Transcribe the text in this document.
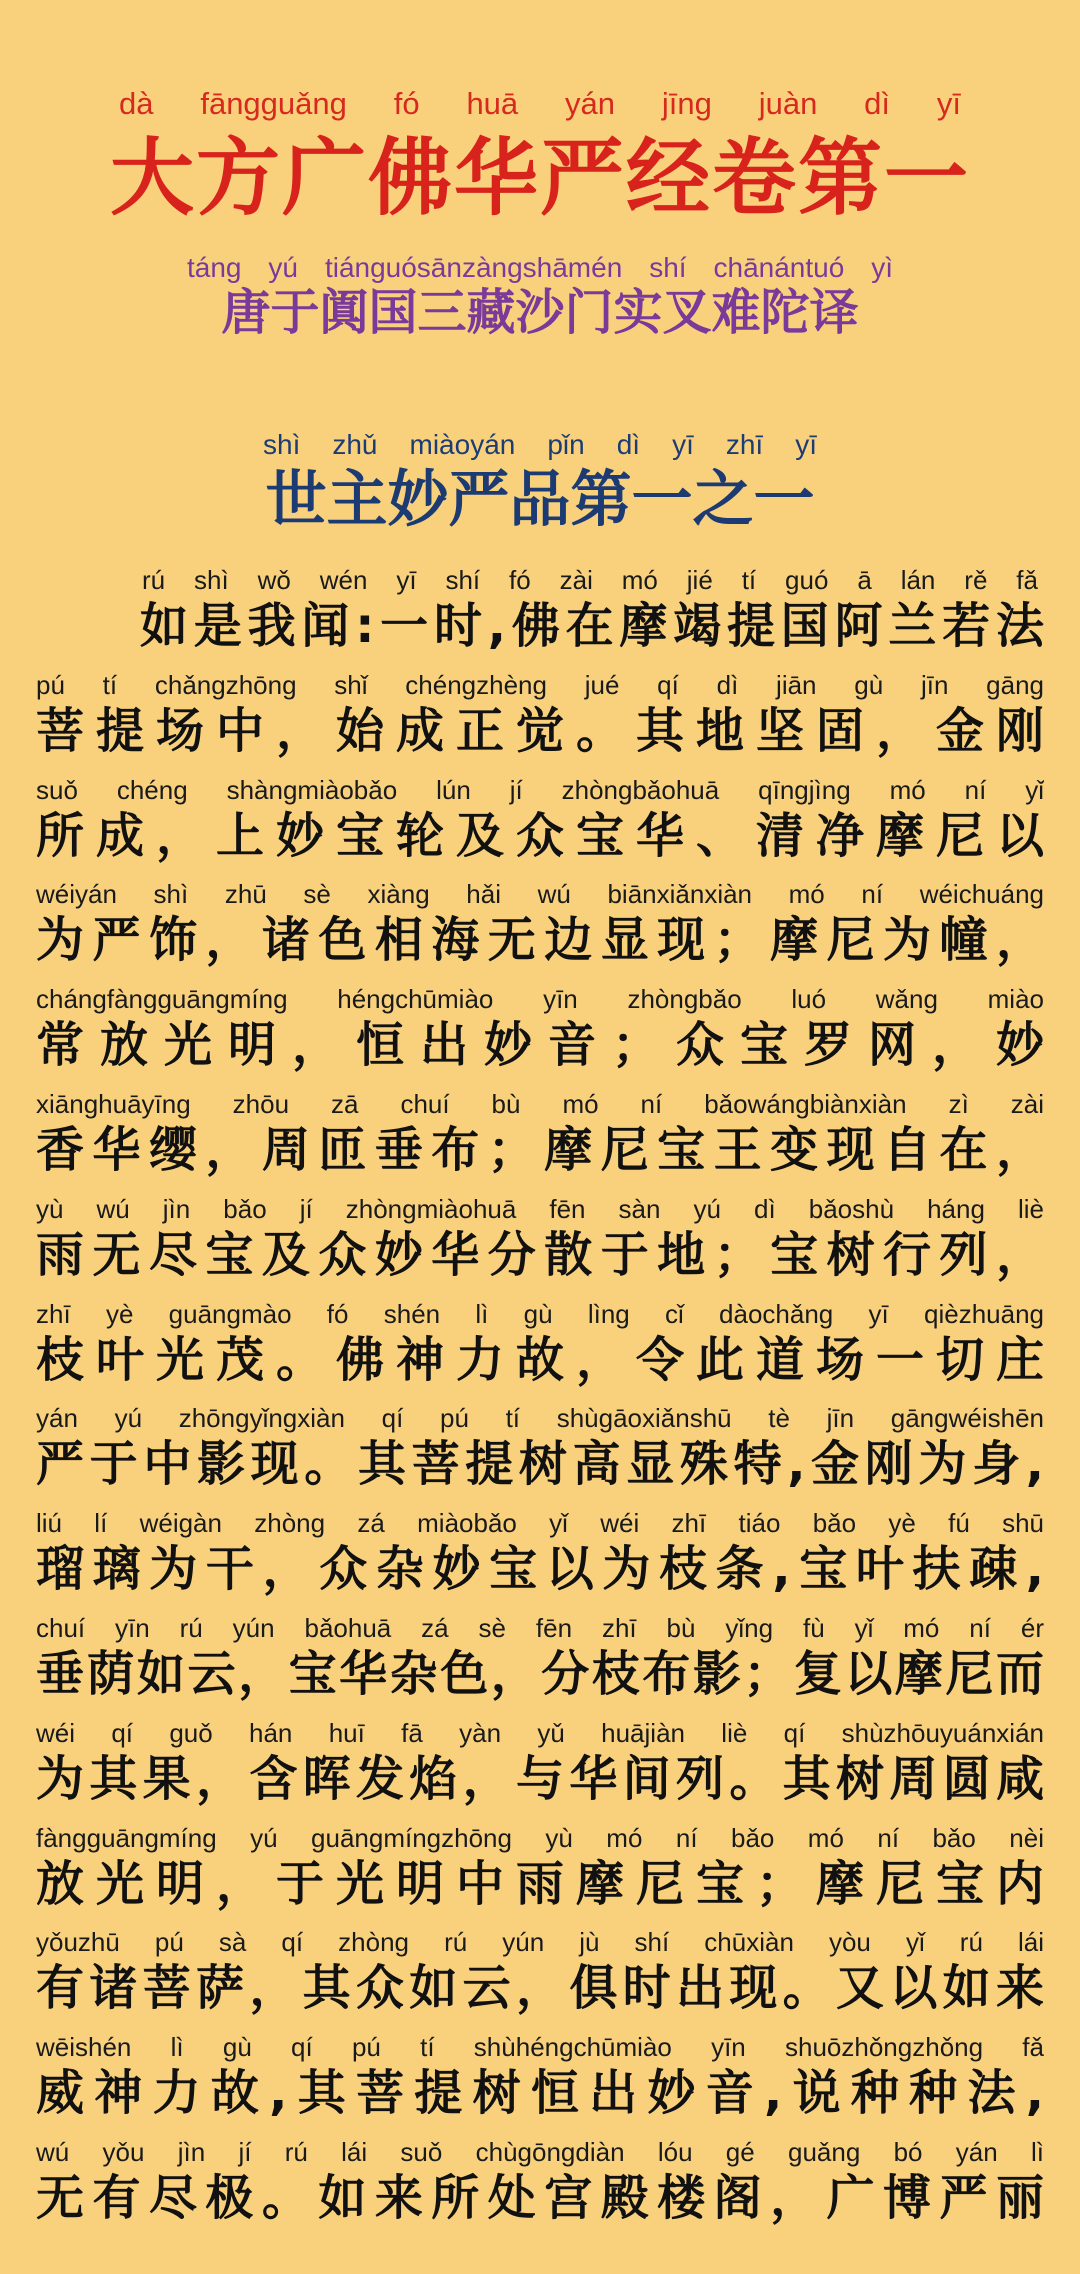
dà fāngguǎng fó huā yán jīng juàn dì yī
大方广佛华严经卷第一
táng yú tiánguósānzàngshāmén shí chānántuó yì
唐于阗国三藏沙门实叉难陀译
shì zhǔ miàoyán pǐn dì yī zhī yī
世主妙严品第一之一
rú shì wǒ wén yī shí fó zài mó jié tí guó ā lán rě fǎ
如是我闻:一时,佛在摩竭提国阿兰若法
pú tí chǎngzhōng shǐ chéngzhèng jué qí dì jiān gù jīn gāng
菩提场中，始成正觉。其地坚固，金刚
suǒ chéng shàngmiàobǎo lún jí zhòngbǎohuā qīngjìng mó ní yǐ
所成，上妙宝轮及众宝华、清净摩尼以
wéiyán shì zhū sè xiàng hǎi wú biānxiǎnxiàn mó ní wéichuáng
为严饰，诸色相海无边显现；摩尼为幢，
chángfàngguāngmíng héngchūmiào yīn zhòngbǎo luó wǎng miào
常放光明，恒出妙音；众宝罗网，妙
xiānghuāyīng zhōu zā chuí bù mó ní bǎowángbiànxiàn zì zài
香华缨，周匝垂布；摩尼宝王变现自在，
yù wú jìn bǎo jí zhòngmiàohuā fēn sàn yú dì bǎoshù háng liè
雨无尽宝及众妙华分散于地；宝树行列，
zhī yè guāngmào fó shén lì gù lìng cǐ dàochǎng yī qièzhuāng
枝叶光茂。佛神力故，令此道场一切庄
yán yú zhōngyǐngxiàn qí pú tí shùgāoxiǎnshū tè jīn gāngwéishēn
严于中影现。其菩提树高显殊特,金刚为身,
liú lí wéigàn zhòng zá miàobǎo yǐ wéi zhī tiáo bǎo yè fú shū
瑠璃为干，众杂妙宝以为枝条,宝叶扶疎,
chuí yīn rú yún bǎohuā zá sè fēn zhī bù yǐng fù yǐ mó ní ér
垂荫如云，宝华杂色，分枝布影；复以摩尼而
wéi qí guǒ hán huī fā yàn yǔ huājiàn liè qí shùzhōuyuánxián
为其果，含晖发焰，与华间列。其树周圆咸
fàngguāngmíng yú guāngmíngzhōng yù mó ní bǎo mó ní bǎo nèi
放光明，于光明中雨摩尼宝；摩尼宝内
yǒuzhū pú sà qí zhòng rú yún jù shí chūxiàn yòu yǐ rú lái
有诸菩萨，其众如云，俱时出现。又以如来
wēishén lì gù qí pú tí shùhéngchūmiào yīn shuōzhǒngzhǒng fǎ
威神力故,其菩提树恒出妙音,说种种法,
wú yǒu jìn jí rú lái suǒ chùgōngdiàn lóu gé guǎng bó yán lì
无有尽极。如来所处宫殿楼阁，广博严丽
